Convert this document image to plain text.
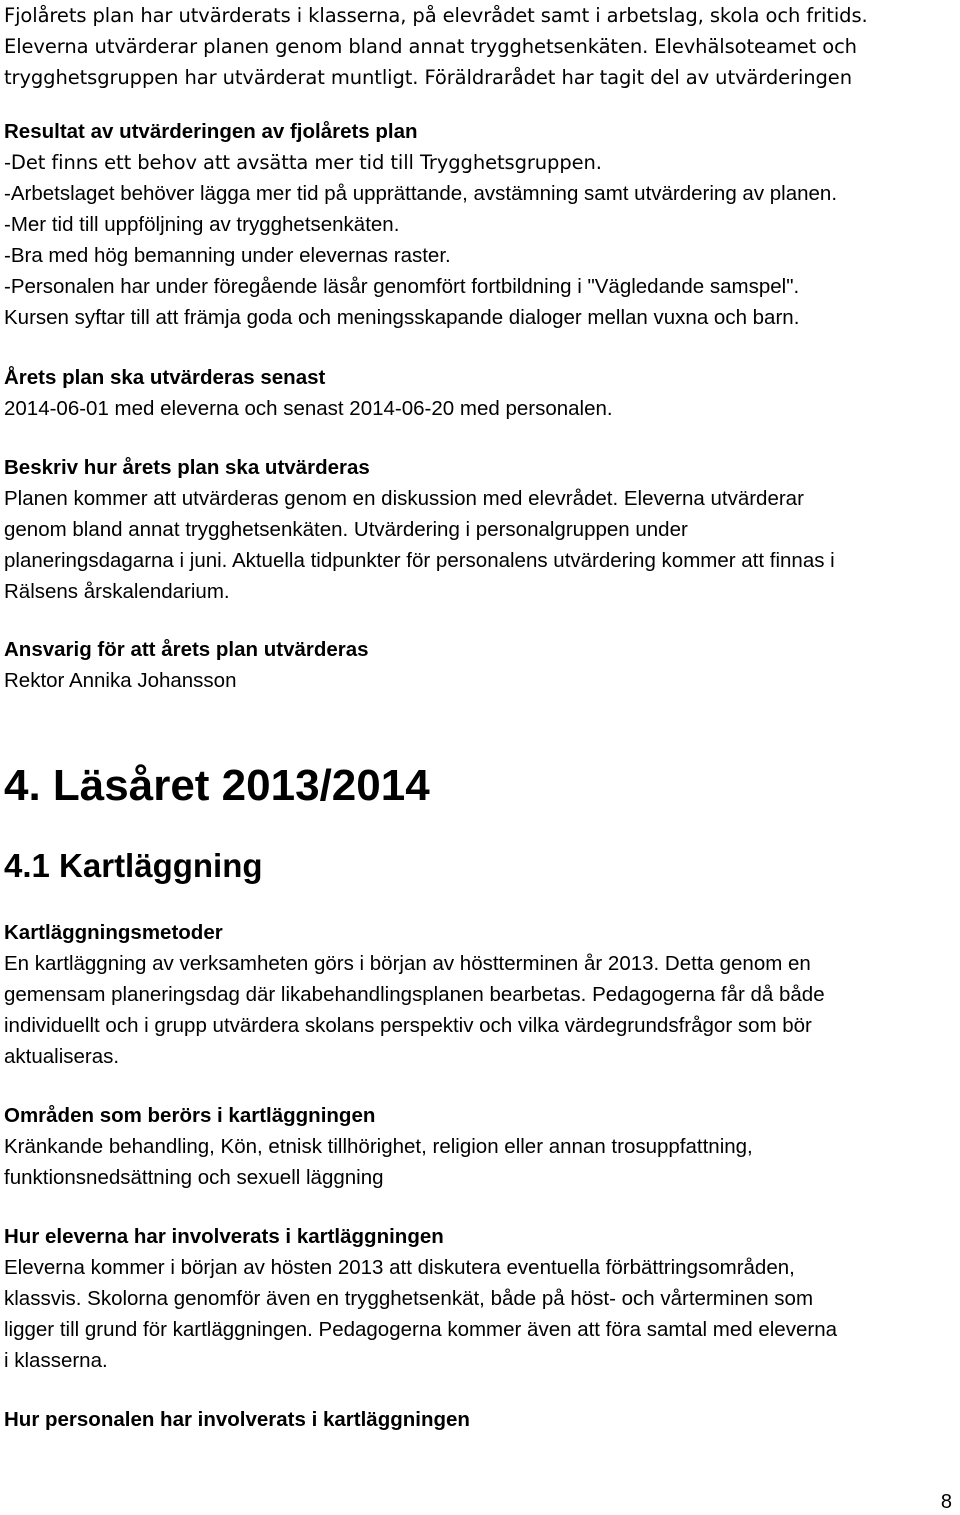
Fjolårets plan har utvärderats i klasserna, på elevrådet samt i arbetslag, skola och fritids.
Eleverna utvärderar planen genom bland annat trygghetsenkäten. Elevhälsoteamet och
trygghetsgruppen har utvärderat muntligt. Föräldrarådet har tagit del av utvärderingen

Resultat av utvärderingen av fjolårets plan

-Det finns ett behov att avsätta mer tid till Trygghetsgruppen.

-Arbetslaget behöver lägga mer tid på upprättande, avstämning samt utvärdering av planen.
-Mer tid till uppföljning av trygghetsenkäten.
-Bra med hög bemanning under elevernas raster.
-Personalen har under föregående läsår genomfört fortbildning i "Vägledande samspel".
Kursen syftar till att främja goda och meningsskapande dialoger mellan vuxna och barn.

Årets plan ska utvärderas senast

2014-06-01 med eleverna och senast 2014-06-20 med personalen.

Beskriv hur årets plan ska utvärderas

Planen kommer att utvärderas genom en diskussion med elevrådet. Eleverna utvärderar
genom bland annat trygghetsenkäten. Utvärdering i personalgruppen under
planeringsdagarna i juni. Aktuella tidpunkter för personalens utvärdering kommer att finnas i
Rälsens årskalendarium.

Ansvarig för att årets plan utvärderas

Rektor Annika Johansson

4. Läsåret 2013/2014
4.1 Kartläggning

Kartläggningsmetoder

En kartläggning av verksamheten görs i början av höstterminen år 2013. Detta genom en
gemensam planeringsdag där likabehandlingsplanen bearbetas. Pedagogerna får då både
individuellt och i grupp utvärdera skolans perspektiv och vilka värdegrundsfrågor som bör
aktualiseras.

Områden som berörs i kartläggningen

Kränkande behandling, Kön, etnisk tillhörighet, religion eller annan trosuppfattning,
funktionsnedsättning och sexuell läggning

Hur eleverna har involverats i kartläggningen

Eleverna kommer i början av hösten 2013 att diskutera eventuella förbättringsområden,
klassvis. Skolorna genomför även en trygghetsenkät, både på höst- och vårterminen som
ligger till grund för kartläggningen. Pedagogerna kommer även att föra samtal med eleverna
i klasserna.

Hur personalen har involverats i kartläggningen

8
